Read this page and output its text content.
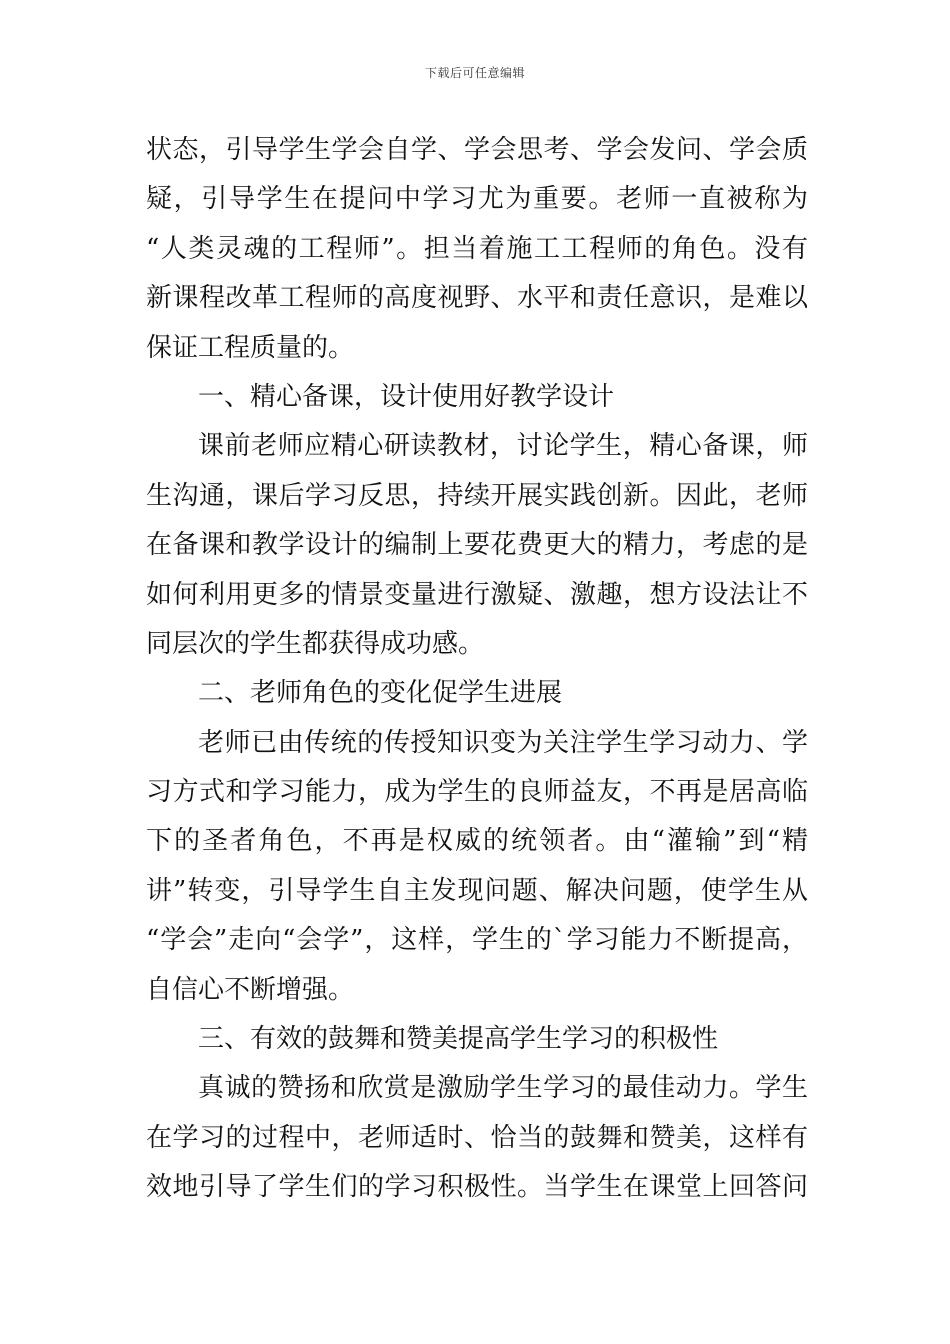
下载后可任意编辑
状态，引导学生学会自学、学会思考、学会发问、学会质
疑，引导学生在提问中学习尤为重要。老师一直被称为
“人类灵魂的工程师”。担当着施工工程师的角色。没有
新课程改革工程师的高度视野、水平和责任意识，是难以
保证工程质量的。
一、精心备课，设计使用好教学设计
课前老师应精心研读教材，讨论学生，精心备课，师
生沟通，课后学习反思，持续开展实践创新。因此，老师
在备课和教学设计的编制上要花费更大的精力，考虑的是
如何利用更多的情景变量进行激疑、激趣，想方设法让不
同层次的学生都获得成功感。
二、老师角色的变化促学生进展
老师已由传统的传授知识变为关注学生学习动力、学
习方式和学习能力，成为学生的良师益友，不再是居高临
下的圣者角色，不再是权威的统领者。由“灌输”到“精
讲”转变，引导学生自主发现问题、解决问题，使学生从
“学会”走向“会学”，这样，学生的`学习能力不断提高，
自信心不断增强。
三、有效的鼓舞和赞美提高学生学习的积极性
真诚的赞扬和欣赏是激励学生学习的最佳动力。学生
在学习的过程中，老师适时、恰当的鼓舞和赞美，这样有
效地引导了学生们的学习积极性。当学生在课堂上回答问
